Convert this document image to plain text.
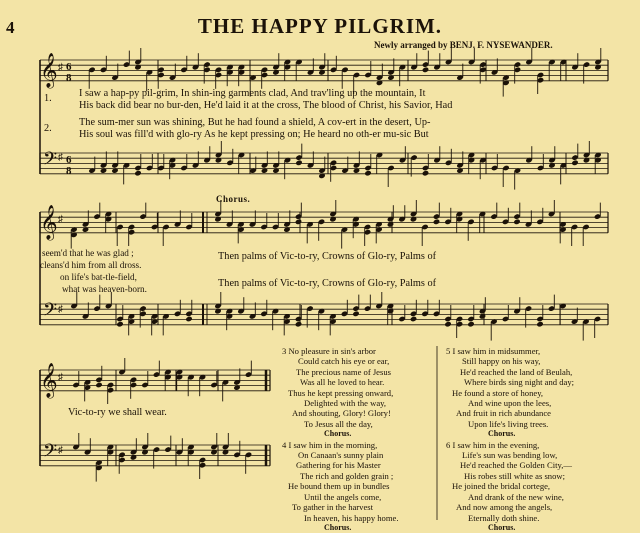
4	THE HAPPY PILGRIM.
Newly arranged by BENJ. F. NYSEWANDER.
𝄞
𝄢
♯
♯
6
8
6
8
𝄞
𝄢
♯
♯
𝄞
𝄢
♯
♯
1.	I saw a hap-py pil-grim, In shin-ing garments clad, And trav'ling up the mountain, It
His back did bear no bur-den, He'd laid it at the cross, The blood of Christ, his Savior, Had
2.
The sum-mer sun was shining, But he had found a shield, A cov-ert in the desert, Up-
His soul was fill'd with glo-ry As he kept pressing on; He heard no oth-er mu-sic But
Chorus.
seem'd that he was glad ;
cleans'd him from all dross.
on life's bat-tle-field,
what was heaven-born.
Then palms of Vic-to-ry, Crowns of Glo-ry, Palms of
Then palms of Vic-to-ry, Crowns of Glo-ry, Palms of
Vic-to-ry we shall wear.
3 No pleasure in sin's arbor
Could catch his eye or ear,
The precious name of Jesus
Was all he loved to hear.
Thus he kept pressing onward,
Delighted with the way,
And shouting, Glory! Glory!
To Jesus all the day,
Chorus.
4 I saw him in the morning,
On Canaan's sunny plain
Gathering for his Master
The rich and golden grain ;
He bound them up in bundles
Until the angels come,
To gather in the harvest
In heaven, his happy home.
Chorus.
5 I saw him in midsummer,
Still happy on his way,
He'd reached the land of Beulah,
Where birds sing night and day;
He found a store of honey,
And wine upon the lees,
And fruit in rich abundance
Upon life's living trees.
Chorus.
6 I saw him in the evening,
Life's sun was bending low,
He'd reached the Golden City,—
His robes still white as snow;
He joined the bridal cortege,
And drank of the new wine,
And now among the angels,
Eternally doth shine.
Chorus.
